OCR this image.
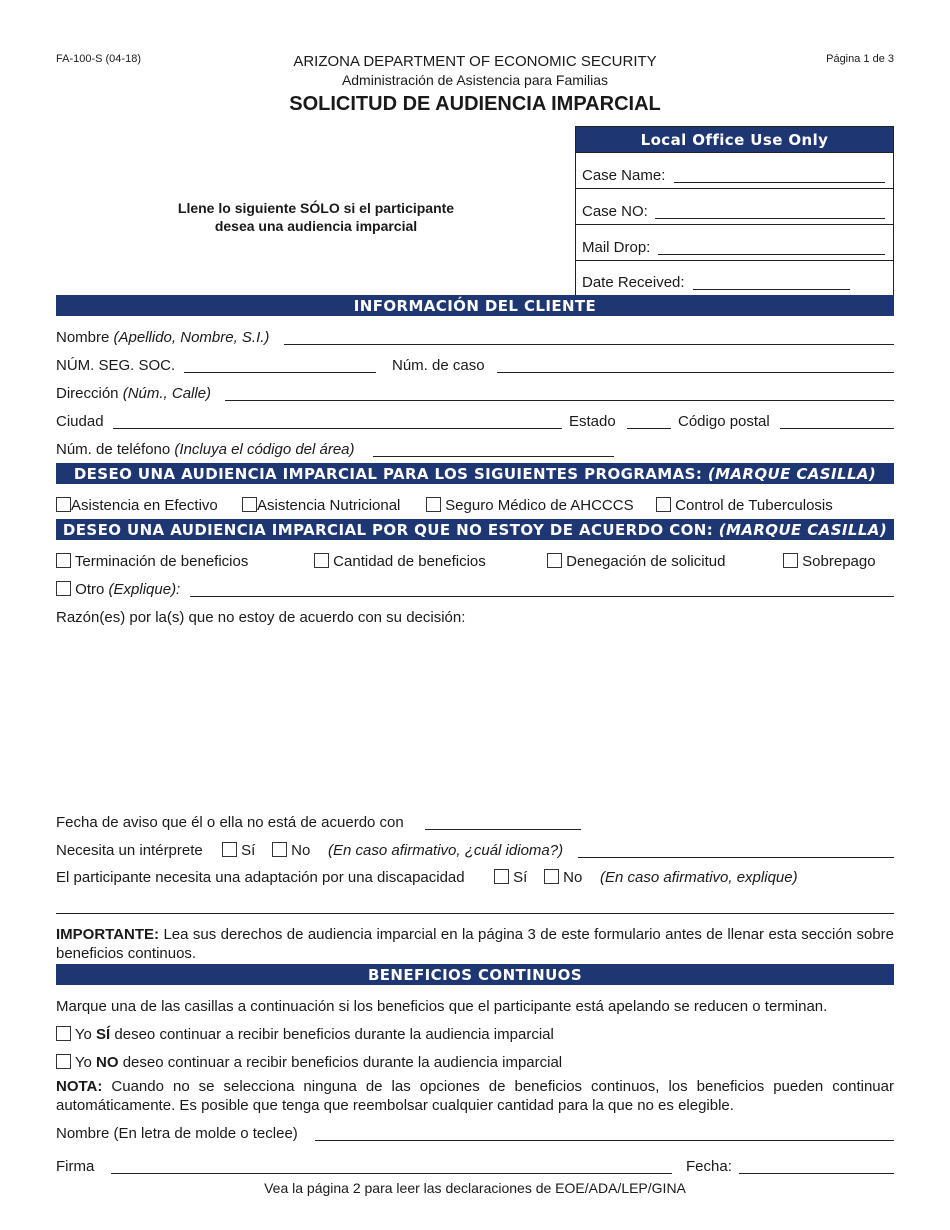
FA-100-S (04-18)	Página 1 de 3
ARIZONA DEPARTMENT OF ECONOMIC SECURITY
Administración de Asistencia para Familias
SOLICITUD DE AUDIENCIA IMPARCIAL
Local Office Use Only
Case Name:
Case NO:
Mail Drop:
Date Received:
Llene lo siguiente SÓLO si el participante
desea una audiencia imparcial
INFORMACIÓN DEL CLIENTE
Nombre (Apellido, Nombre, S.I.)
NÚM. SEG. SOC.	Núm. de caso
Dirección (Núm., Calle)
Ciudad	Estado	Código postal
Núm. de teléfono (Incluya el código del área)
DESEO UNA AUDIENCIA IMPARCIAL PARA LOS SIGUIENTES PROGRAMAS:
(MARQUE CASILLA)
Asistencia en Efectivo	Asistencia Nutricional	Seguro Médico de AHCCCS	Control de Tuberculosis
DESEO UNA AUDIENCIA IMPARCIAL POR QUE NO ESTOY DE ACUERDO CON:
(MARQUE CASILLA)
Terminación de beneficios	Cantidad de beneficios	Denegación de solicitud	Sobrepago
Otro (Explique):
Razón(es) por la(s) que no estoy de acuerdo con su decisión:
Fecha de aviso que él o ella no está de acuerdo con
Necesita un intérprete	Sí	No (En caso afirmativo, ¿cuál idioma?)
El participante necesita una adaptación por una discapacidad	Sí	No (En caso afirmativo, explique)
IMPORTANTE: Lea sus derechos de audiencia imparcial en la página 3 de este formulario antes de llenar esta sección sobre beneficios continuos.
BENEFICIOS CONTINUOS
Marque una de las casillas a continuación si los beneficios que el participante está apelando se reducen o terminan.
Yo SÍ deseo continuar a recibir beneficios durante la audiencia imparcial
Yo NO deseo continuar a recibir beneficios durante la audiencia imparcial
NOTA: Cuando no se selecciona ninguna de las opciones de beneficios continuos, los beneficios pueden continuar automáticamente. Es posible que tenga que reembolsar cualquier cantidad para la que no es elegible.
Nombre (En letra de molde o teclee)
Firma	Fecha:
Vea la página 2 para leer las declaraciones de EOE/ADA/LEP/GINA
